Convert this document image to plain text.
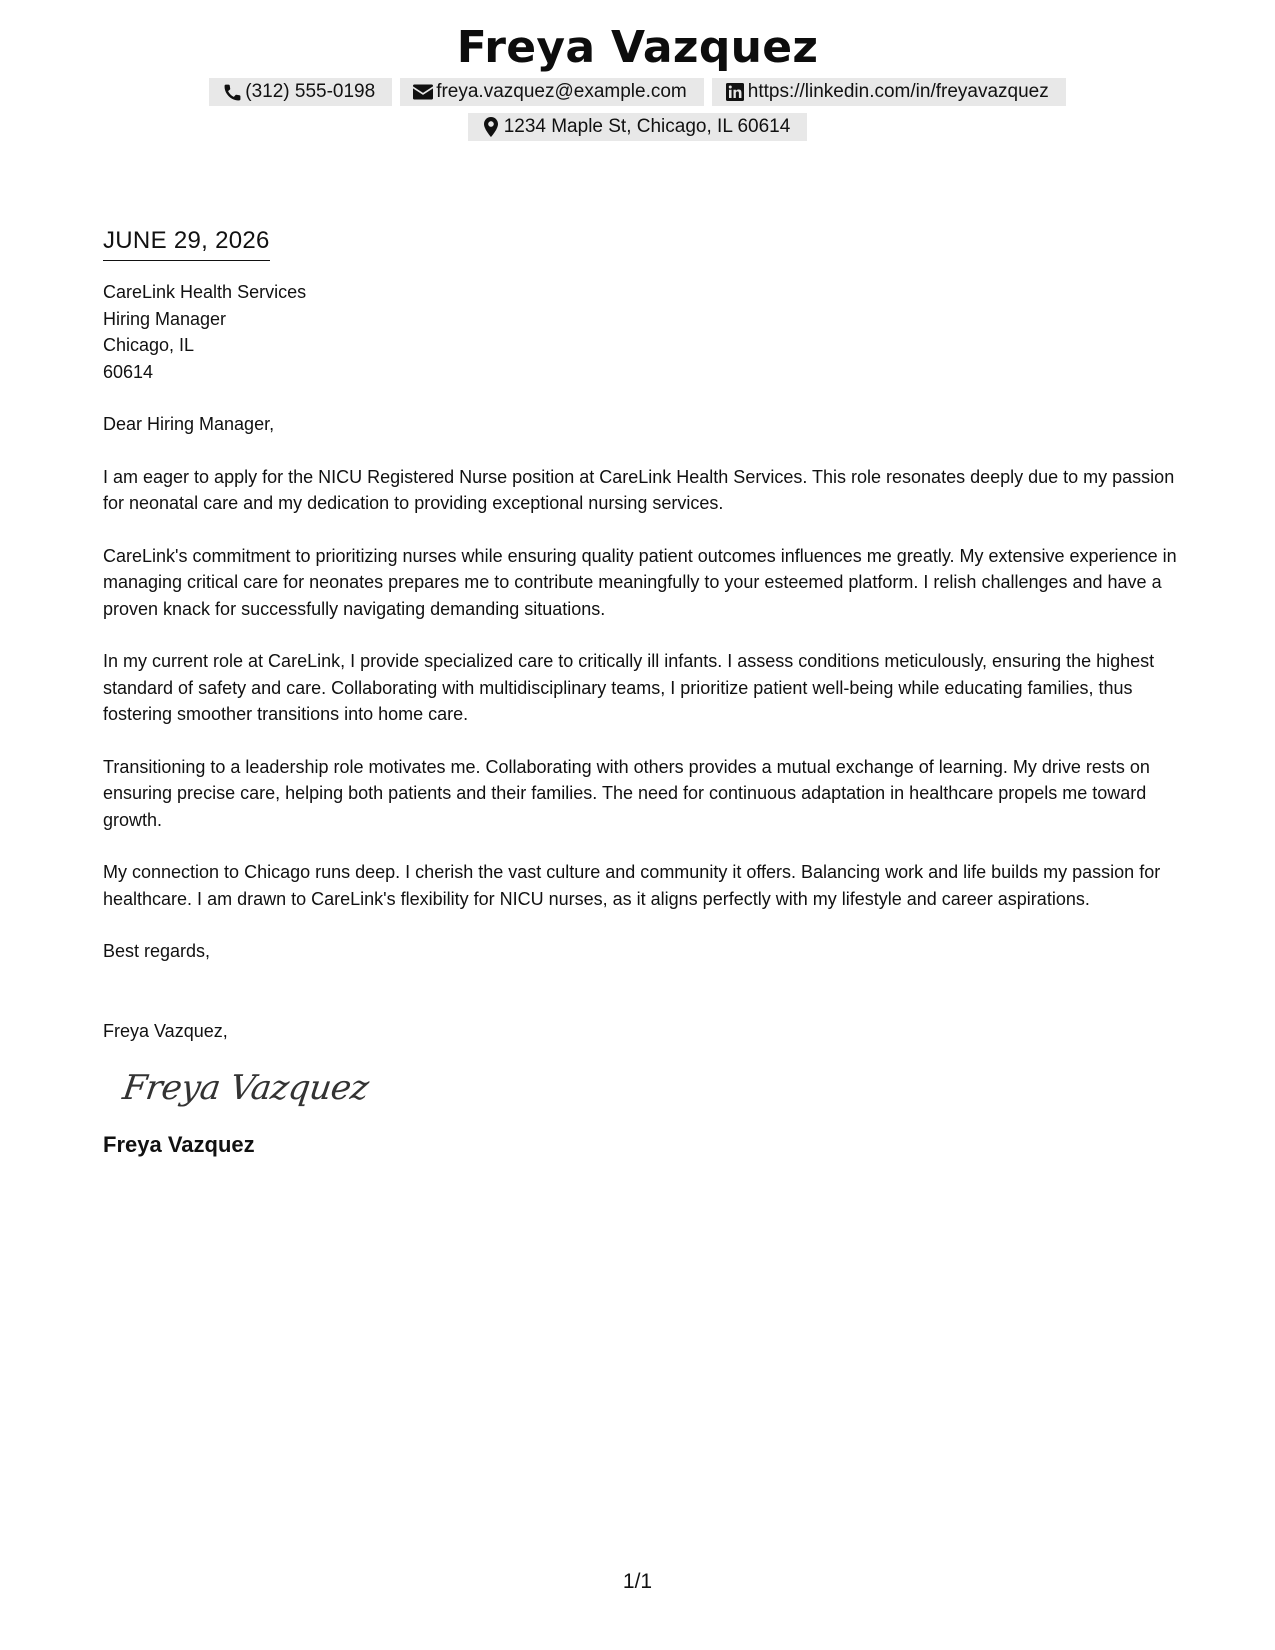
Freya Vazquez
(312) 555-0198	freya.vazquez@example.com	https://linkedin.com/in/freyavazquez
1234 Maple St, Chicago, IL 60614
JUNE 29, 2026
CareLink Health Services
Hiring Manager
Chicago, IL
60614

Dear Hiring Manager,

I am eager to apply for the NICU Registered Nurse position at CareLink Health Services. This role resonates deeply due to my passion for neonatal care and my dedication to providing exceptional nursing services.

CareLink's commitment to prioritizing nurses while ensuring quality patient outcomes influences me greatly. My extensive experience in managing critical care for neonates prepares me to contribute meaningfully to your esteemed platform. I relish challenges and have a proven knack for successfully navigating demanding situations.

In my current role at CareLink, I provide specialized care to critically ill infants. I assess conditions meticulously, ensuring the highest standard of safety and care. Collaborating with multidisciplinary teams, I prioritize patient well-being while educating families, thus fostering smoother transitions into home care.

Transitioning to a leadership role motivates me. Collaborating with others provides a mutual exchange of learning. My drive rests on ensuring precise care, helping both patients and their families. The need for continuous adaptation in healthcare propels me toward growth.

My connection to Chicago runs deep. I cherish the vast culture and community it offers. Balancing work and life builds my passion for healthcare. I am drawn to CareLink's flexibility for NICU nurses, as it aligns perfectly with my lifestyle and career aspirations.

Best regards,
Freya Vazquez,
Freya Vazquez
Freya Vazquez
1/1
